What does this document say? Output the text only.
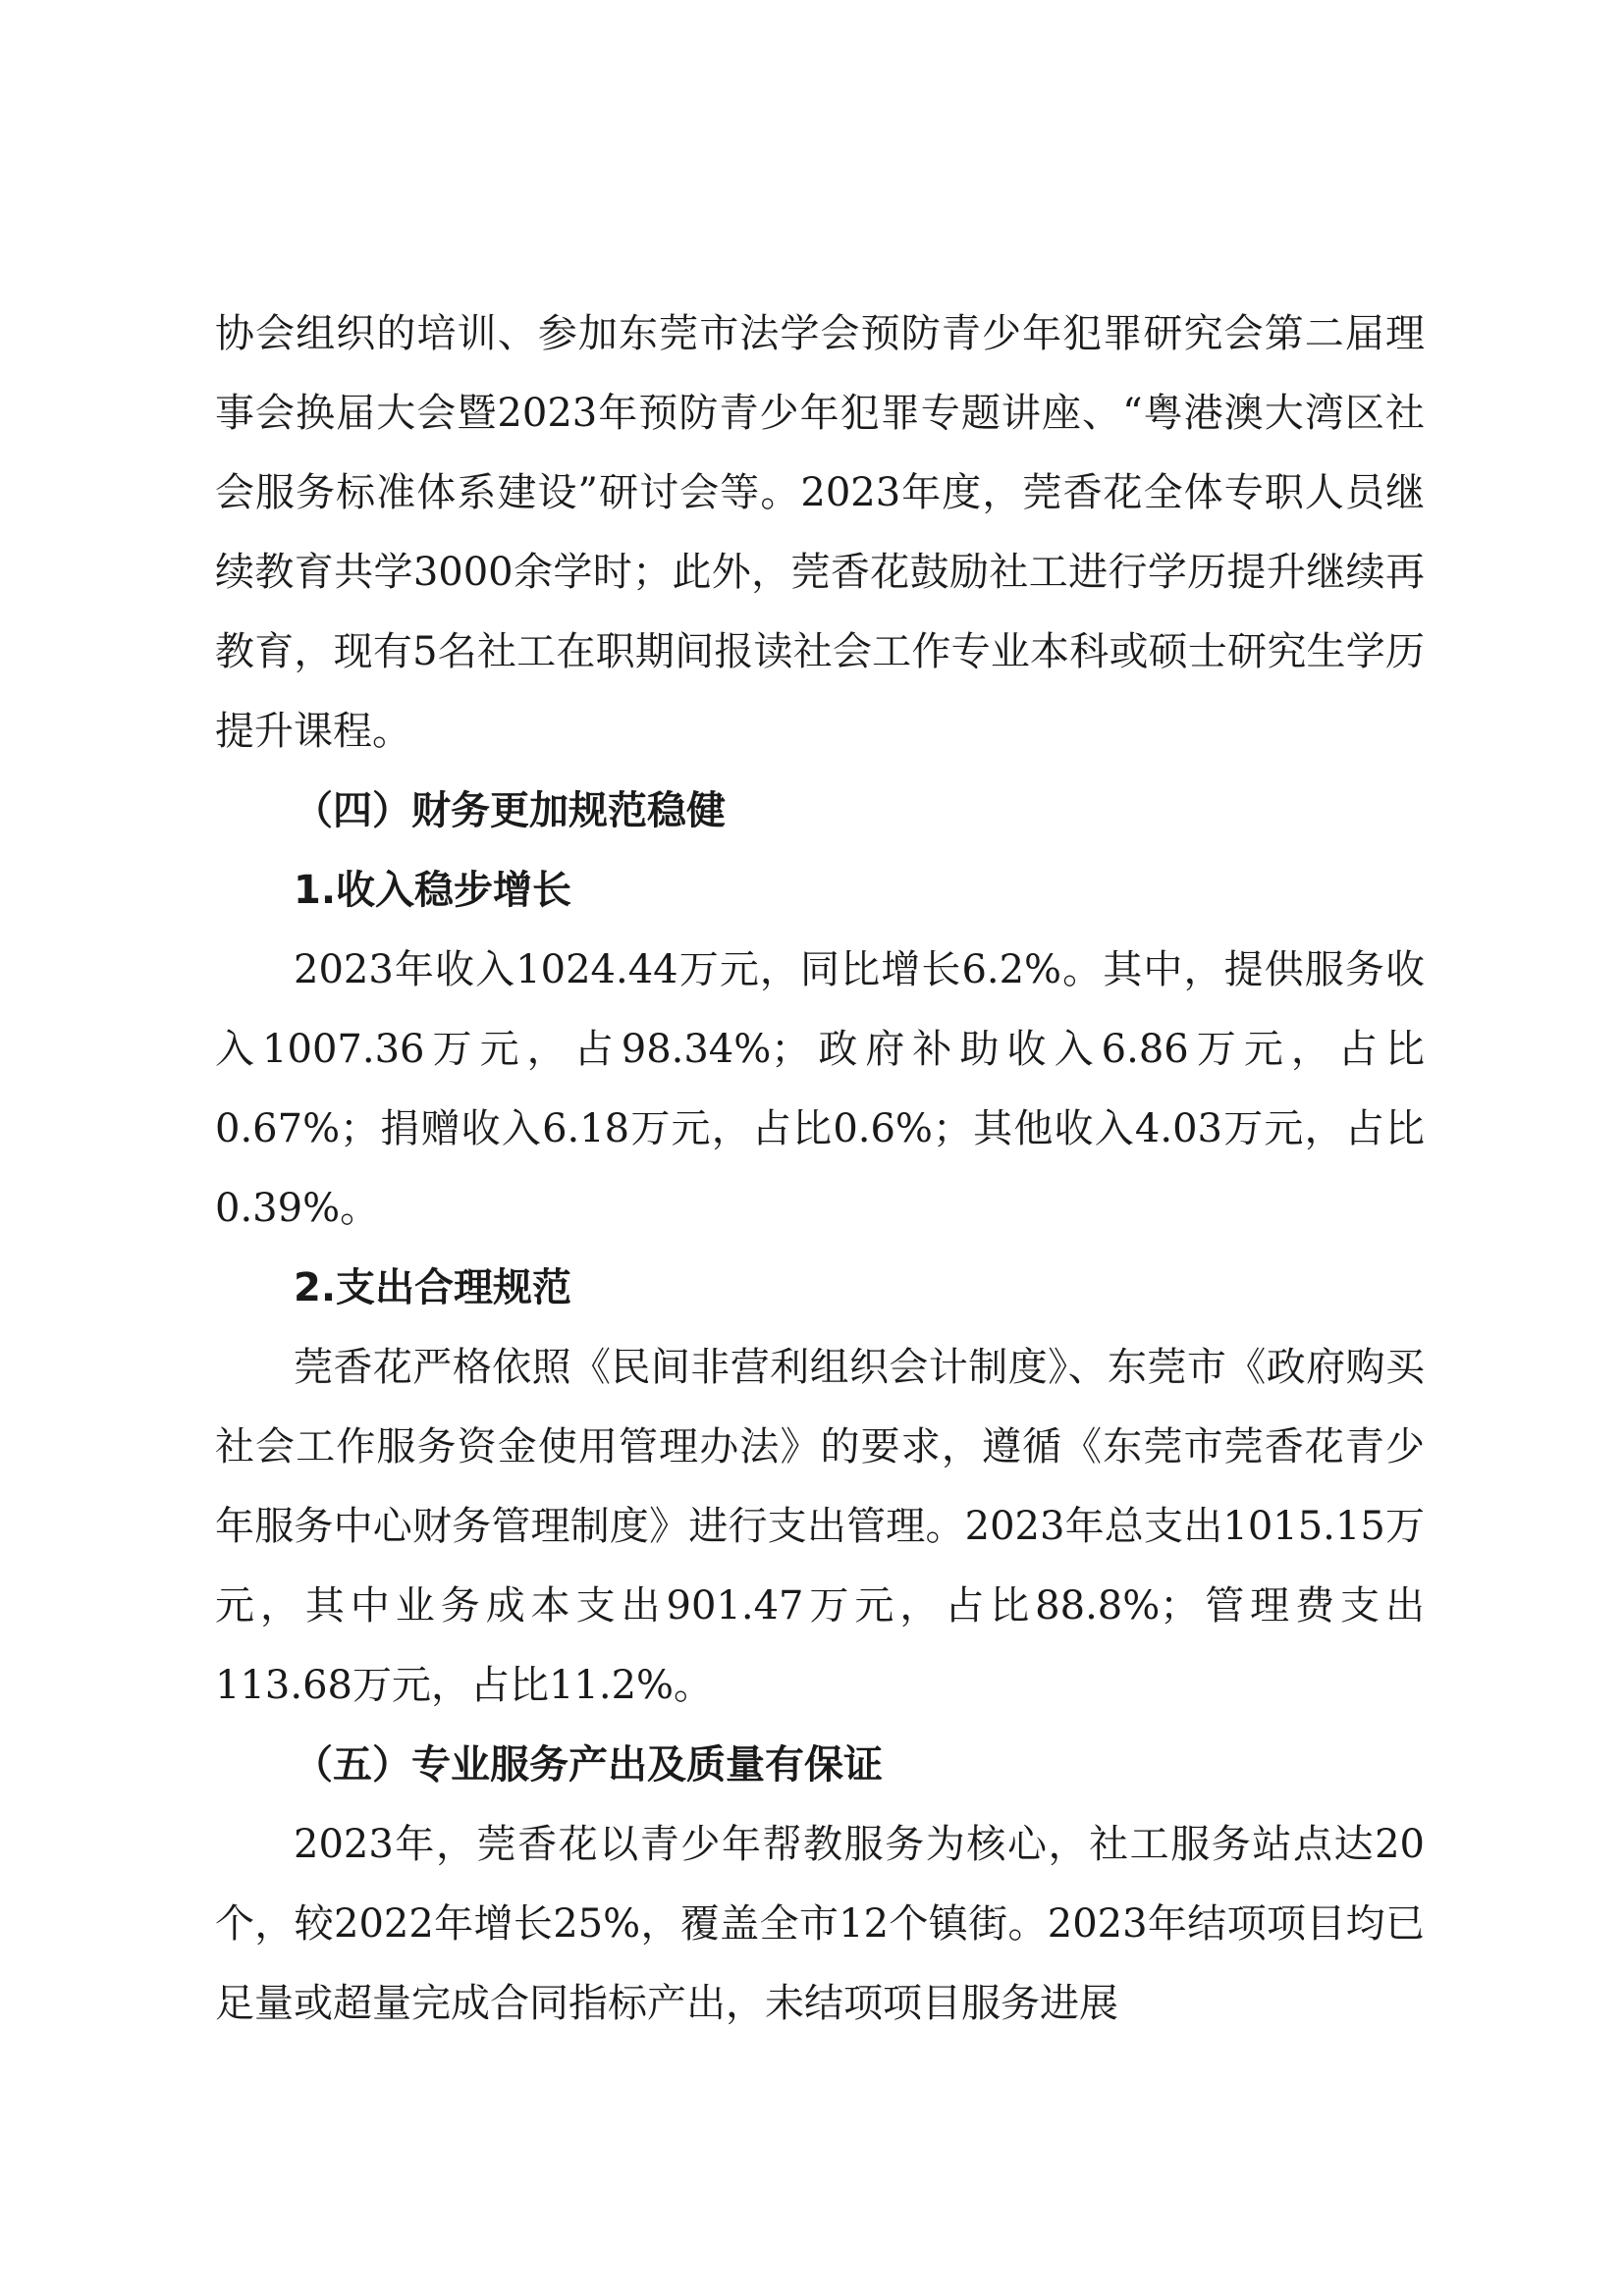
协会组织的培训、参加东莞市法学会预防青少年犯罪研究会第二届理事会换届大会暨2023年预防青少年犯罪专题讲座、“粤港澳大湾区社会服务标准体系建设”研讨会等。2023年度，莞香花全体专职人员继续教育共学3000余学时；此外，莞香花鼓励社工进行学历提升继续再教育，现有5名社工在职期间报读社会工作专业本科或硕士研究生学历提升课程。

（四）财务更加规范稳健
1.收入稳步增长

2023年收入1024.44万元，同比增长6.2%。其中，提供服务收入1007.36万元，占98.34%；政府补助收入6.86万元，占比0.67%；捐赠收入6.18万元，占比0.6%；其他收入4.03万元，占比0.39%。

2.支出合理规范

莞香花严格依照《民间非营利组织会计制度》、东莞市《政府购买社会工作服务资金使用管理办法》的要求，遵循《东莞市莞香花青少年服务中心财务管理制度》进行支出管理。2023年总支出1015.15万元，其中业务成本支出901.47万元，占比88.8%；管理费支出113.68万元，占比11.2%。

（五）专业服务产出及质量有保证

2023年，莞香花以青少年帮教服务为核心，社工服务站点达20个，较2022年增长25%，覆盖全市12个镇街。2023年结项项目均已足量或超量完成合同指标产出，未结项项目服务进展
